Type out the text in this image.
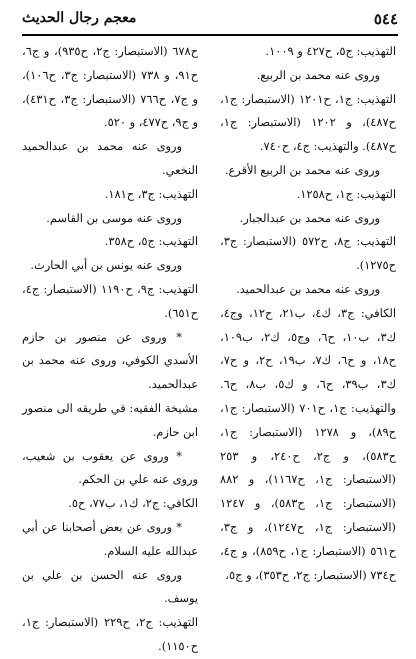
٥٤٤
معجم رجال الحديث

التهذيب: ج٥، ح٤٢٧ و ١٠٠٩.

وروى عنه محمد بن الربيع.

التهذيب: ج١، ح١٢٠١ (الاستبصار: ج١، ح٤٨٧)، و ١٢٠٢ (الاستبصار: ج١، ح٤٨٧). والتهذيب: ج٤، ح٧٤٠.

وروى عنه محمد بن الربيع الأقرع.

التهذيب: ج١، ح١٢٥٨.

وروى عنه محمد بن عبدالجبار.

التهذيب: ج٨، ح٥٧٢ (الاستبصار: ج٣، ح١٢٧٥).

وروى عنه محمد بن عبدالحميد.

الكافي: ج٣، ك٤، ب٢١، ح١٢، وج٤، ك٣، ب١٠، ح٦، وج٥، ك٢، ب١٠٩، ح١٨، و ح٦، ك٧، ب١٩، ح٢، و ح٧، ك٣، ب٣٩، ح٦، و ك٥، ب٨، ح٦. والتهذيب: ج١، ح٧٠١ (الاستبصار: ج١، ح٨٩)، و ١٢٧٨ (الاستبصار: ج١، ح٥٨٣)، و ج٢، ح٢٤٠، و ٢٥٣ (الاستبصار: ج١، ح١١٦٧)، و ٨٨٢ (الاستبصار: ج١، ح٥٨٣)، و ١٢٤٧ (الاستبصار: ج١، ح١٢٤٧)، و ج٣، ح٥٦١ (الاستبصار: ج١، ح٨٥٩)، و ج٤، ح٧٣٤ (الاستبصار: ج٢، ح٣٥٣)، و ج٥،

ح٦٧٨ (الاستبصار: ج٢، ح٩٣٥)، و ج٦، ح٩١، و ٧٣٨ (الاستبصار: ج٣، ح١٠٦)، و ج٧، ح٧٦٦ (الاستبصار: ج٣، ح٤٣١)، و ج٩، ح٤٧٧، و ٥٢٠.

وروى عنه محمد بن عبدالحميد النخعي.

التهذيب: ج٣، ح١٨١.

وروى عنه موسى بن القاسم.

التهذيب: ج٥، ح٣٥٨.

وروى عنه يونس بن أبي الحارث.

التهذيب: ج٩، ح١١٩٠ (الاستبصار: ج٤، ح٦٥١).

* وروى عن منصور بن حازم الأسدي الكوفي، وروى عنه محمد بن عبدالحميد.

مشيخة الفقيه: في طريقه الى منصور ابن حازم.

* وروى عن يعقوب بن شعيب، وروى عنه علي بن الحكم.

الكافي: ج٢، ك١، ب٧٧، ح٥.

* وروى عن بعض أصحابنا عن أبي عبدالله عليه السلام.

وروى عنه الحسن بن علي بن يوسف.

التهذيب: ج٢، ح٢٢٩ (الاستبصار: ج١، ح١١٥٠).
